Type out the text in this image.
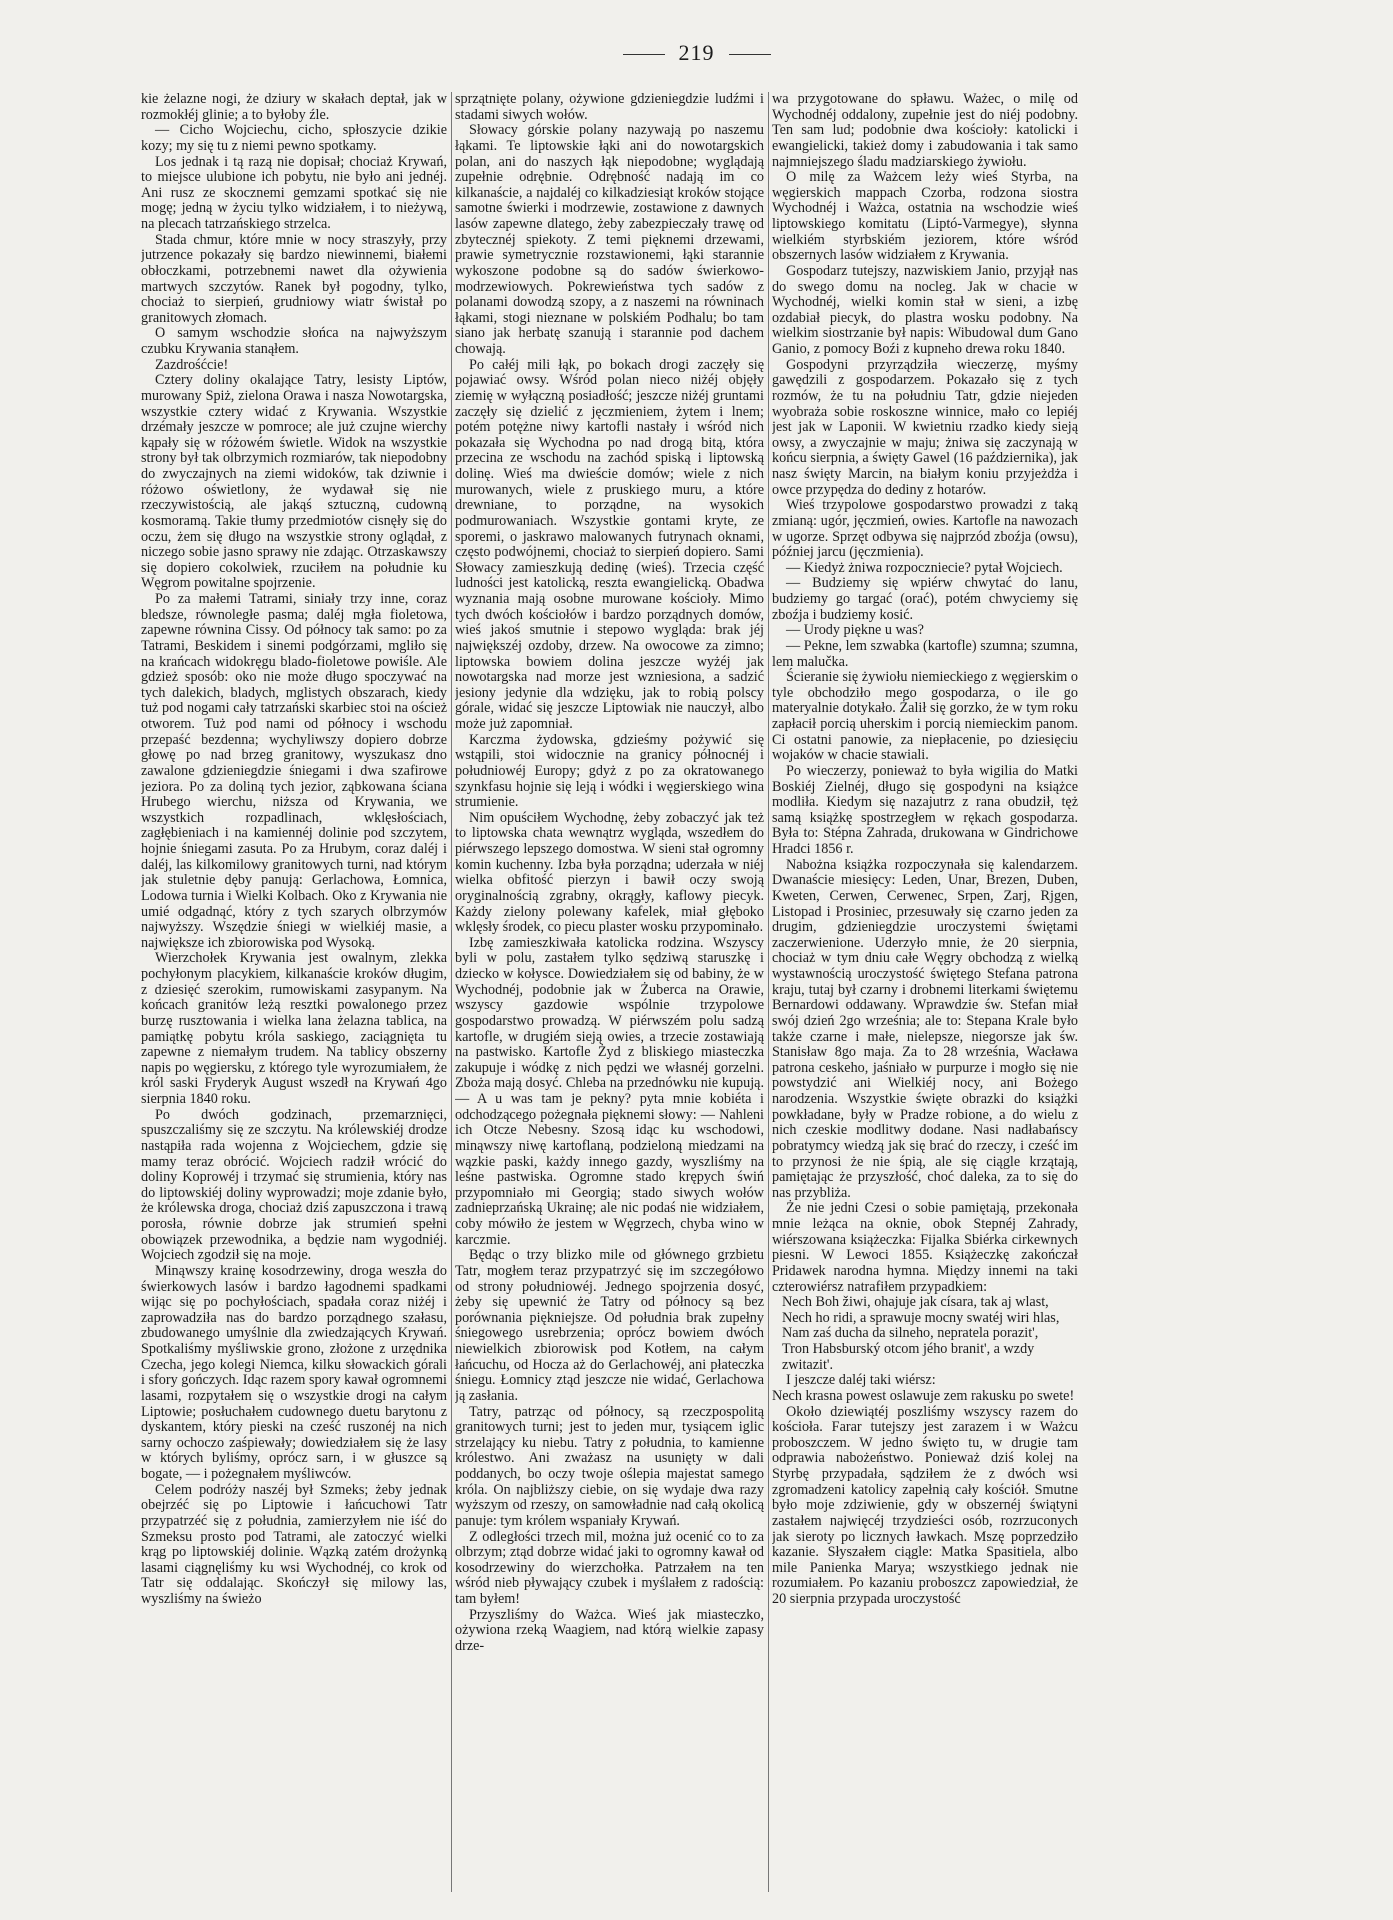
219

kie żelazne nogi, że dziury w skałach deptał, jak w rozmokłéj glinie; a to byłoby źle.

— Cicho Wojciechu, cicho, spłoszycie dzikie kozy; my się tu z niemi pewno spotkamy.

Los jednak i tą razą nie dopisał; chociaż Krywań, to miejsce ulubione ich pobytu, nie było ani jednéj. Ani rusz ze skocznemi gemzami spotkać się nie mogę; jedną w życiu tylko widziałem, i to nieżywą, na plecach tatrzańskiego strzelca.

Stada chmur, które mnie w nocy straszyły, przy jutrzence pokazały się bardzo niewinnemi, białemi obłoczkami, potrzebnemi nawet dla ożywienia martwych szczytów. Ranek był pogodny, tylko, chociaż to sierpień, grudniowy wiatr świstał po granitowych złomach.

O samym wschodzie słońca na najwyższym czubku Krywania stanąłem.

Zazdrośćcie!

Cztery doliny okalające Tatry, lesisty Liptów, murowany Spiż, zielona Orawa i nasza Nowotargska, wszystkie cztery widać z Krywania. Wszystkie drzémały jeszcze w pomroce; ale już czujne wierchy kąpały się w różowém świetle. Widok na wszystkie strony był tak olbrzymich rozmiarów, tak niepodobny do zwyczajnych na ziemi widoków, tak dziwnie i różowo oświetlony, że wydawał się nie rzeczywistością, ale jakąś sztuczną, cudowną kosmoramą. Takie tłumy przedmiotów cisnęły się do oczu, żem się długo na wszystkie strony oglądał, z niczego sobie jasno sprawy nie zdając. Otrzaskawszy się dopiero cokolwiek, rzuciłem na południe ku Węgrom powitalne spojrzenie.

Po za małemi Tatrami, siniały trzy inne, coraz bledsze, równoległe pasma; daléj mgła fioletowa, zapewne równina Cissy. Od północy tak samo: po za Tatrami, Beskidem i sinemi podgórzami, mgliło się na krańcach widokręgu blado-fioletowe powiśle. Ale gdzież sposób: oko nie może długo spoczywać na tych dalekich, bladych, mglistych obszarach, kiedy tuż pod nogami cały tatrzański skarbiec stoi na oścież otworem. Tuż pod nami od północy i wschodu przepaść bezdenna; wychyliwszy dopiero dobrze głowę po nad brzeg granitowy, wyszukasz dno zawalone gdzieniegdzie śniegami i dwa szafirowe jeziora. Po za doliną tych jezior, ząbkowana ściana Hrubego wierchu, niższa od Krywania, we wszystkich rozpadlinach, wklęsłościach, zagłębieniach i na kamiennéj dolinie pod szczytem, hojnie śniegami zasuta. Po za Hrubym, coraz daléj i daléj, las kilkomilowy granitowych turni, nad którym jak stuletnie dęby panują: Gerlachowa, Łomnica, Lodowa turnia i Wielki Kolbach. Oko z Krywania nie umié odgadnąć, który z tych szarych olbrzymów najwyższy. Wszędzie śniegi w wielkiéj masie, a największe ich zbiorowiska pod Wysoką.

Wierzchołek Krywania jest owalnym, zlekka pochyłonym placykiem, kilkanaście kroków długim, z dziesięć szerokim, rumowiskami zasypanym. Na końcach granitów leżą resztki powalonego przez burzę rusztowania i wielka lana żelazna tablica, na pamiątkę pobytu króla saskiego, zaciągnięta tu zapewne z niemałym trudem. Na tablicy obszerny napis po węgiersku, z którego tyle wyrozumiałem, że król saski Fryderyk August wszedł na Krywań 4go sierpnia 1840 roku.

Po dwóch godzinach, przemarznięci, spuszczaliśmy się ze szczytu. Na królewskiéj drodze nastąpiła rada wojenna z Wojciechem, gdzie się mamy teraz obrócić. Wojciech radził wrócić do doliny Koprowéj i trzymać się strumienia, który nas do liptowskiéj doliny wyprowadzi; moje zdanie było, że królewska droga, chociaż dziś zapuszczona i trawą porosła, równie dobrze jak strumień spełni obowiązek przewodnika, a będzie nam wygodniéj. Wojciech zgodził się na moje.

Minąwszy krainę kosodrzewiny, droga weszła do świerkowych lasów i bardzo łagodnemi spadkami wijąc się po pochyłościach, spadała coraz niżéj i zaprowadziła nas do bardzo porządnego szałasu, zbudowanego umyślnie dla zwiedzających Krywań. Spotkaliśmy myśliwskie grono, złożone z urzędnika Czecha, jego kolegi Niemca, kilku słowackich górali i sfory gończych. Idąc razem spory kawał ogromnemi lasami, rozpytałem się o wszystkie drogi na całym Liptowie; posłuchałem cudownego duetu barytonu z dyskantem, który pieski na cześć ruszonéj na nich sarny ochoczo zaśpiewały; dowiedziałem się że lasy w których byliśmy, oprócz sarn, i w głuszce są bogate, — i pożegnałem myśliwców.

Celem podróży naszéj był Szmeks; żeby jednak obejrzéć się po Liptowie i łańcuchowi Tatr przypatrzéć się z południa, zamierzyłem nie iść do Szmeksu prosto pod Tatrami, ale zatoczyć wielki krąg po liptowskiéj dolinie. Wązką zatém drożynką lasami ciągnęliśmy ku wsi Wychodnéj, co krok od Tatr się oddalając. Skończył się milowy las, wyszliśmy na świeżo

sprzątnięte polany, ożywione gdzieniegdzie ludźmi i stadami siwych wołów.

Słowacy górskie polany nazywają po naszemu łąkami. Te liptowskie łąki ani do nowotargskich polan, ani do naszych łąk niepodobne; wyglądają zupełnie odrębnie. Odrębność nadają im co kilkanaście, a najdaléj co kilkadziesiąt kroków stojące samotne świerki i modrzewie, zostawione z dawnych lasów zapewne dlatego, żeby zabezpieczały trawę od zbytecznéj spiekoty. Z temi pięknemi drzewami, prawie symetrycznie rozstawionemi, łąki starannie wykoszone podobne są do sadów świerkowo-modrzewiowych. Pokrewieństwa tych sadów z polanami dowodzą szopy, a z naszemi na równinach łąkami, stogi nieznane w polskiém Podhalu; bo tam siano jak herbatę szanują i starannie pod dachem chowają.

Po całéj mili łąk, po bokach drogi zaczęły się pojawiać owsy. Wśród polan nieco niżéj objęły ziemię w wyłączną posiadłość; jeszcze niżéj gruntami zaczęły się dzielić z jęczmieniem, żytem i lnem; potém potężne niwy kartofli nastały i wśród nich pokazała się Wychodna po nad drogą bitą, która przecina ze wschodu na zachód spiską i liptowską dolinę. Wieś ma dwieście domów; wiele z nich murowanych, wiele z pruskiego muru, a które drewniane, to porządne, na wysokich podmurowaniach. Wszystkie gontami kryte, ze sporemi, o jaskrawo malowanych futrynach oknami, często podwójnemi, chociaż to sierpień dopiero. Sami Słowacy zamieszkują dedinę (wieś). Trzecia część ludności jest katolicką, reszta ewangielicką. Obadwa wyznania mają osobne murowane kościoły. Mimo tych dwóch kościołów i bardzo porządnych domów, wieś jakoś smutnie i stepowo wygląda: brak jéj największéj ozdoby, drzew. Na owocowe za zimno; liptowska bowiem dolina jeszcze wyżéj jak nowotargska nad morze jest wzniesiona, a sadzić jesiony jedynie dla wdzięku, jak to robią polscy górale, widać się jeszcze Liptowiak nie nauczył, albo może już zapomniał.

Karczma żydowska, gdzieśmy pożywić się wstąpili, stoi widocznie na granicy północnéj i południowéj Europy; gdyż z po za okratowanego szynkfasu hojnie się leją i wódki i węgierskiego wina strumienie.

Nim opuściłem Wychodnę, żeby zobaczyć jak też to liptowska chata wewnątrz wygląda, wszedłem do piérwszego lepszego domostwa. W sieni stał ogromny komin kuchenny. Izba była porządna; uderzała w niéj wielka obfitość pierzyn i bawił oczy swoją oryginalnością zgrabny, okrągły, kaflowy piecyk. Każdy zielony polewany kafelek, miał głęboko wklęsły środek, co piecu plaster wosku przypominało.

Izbę zamieszkiwała katolicka rodzina. Wszyscy byli w polu, zastałem tylko sędziwą staruszkę i dziecko w kołysce. Dowiedziałem się od babiny, że w Wychodnéj, podobnie jak w Żuberca na Orawie, wszyscy gazdowie wspólnie trzypolowe gospodarstwo prowadzą. W piérwszém polu sadzą kartofle, w drugiém sieją owies, a trzecie zostawiają na pastwisko. Kartofle Żyd z bliskiego miasteczka zakupuje i wódkę z nich pędzi we własnéj gorzelni. Zboża mają dosyć. Chleba na przednówku nie kupują. — A u was tam je pekny? pyta mnie kobiéta i odchodzącego pożegnała pięknemi słowy: — Nahleni ich Otcze Nebesny. Szosą idąc ku wschodowi, minąwszy niwę kartoflaną, podzieloną miedzami na wązkie paski, każdy innego gazdy, wyszliśmy na leśne pastwiska. Ogromne stado krępych świń przypomniało mi Georgią; stado siwych wołów zadnieprzańską Ukrainę; ale nic podaś nie widziałem, coby mówiło że jestem w Węgrzech, chyba wino w karczmie.

Będąc o trzy blizko mile od głównego grzbietu Tatr, mogłem teraz przypatrzyć się im szczegółowo od strony południowéj. Jednego spojrzenia dosyć, żeby się upewnić że Tatry od północy są bez porównania piękniejsze. Od południa brak zupełny śniegowego usrebrzenia; oprócz bowiem dwóch niewielkich zbiorowisk pod Kotłem, na całym łańcuchu, od Hocza aż do Gerlachowéj, ani płateczka śniegu. Łomnicy ztąd jeszcze nie widać, Gerlachowa ją zasłania.

Tatry, patrząc od północy, są rzeczpospolitą granitowych turni; jest to jeden mur, tysiącem iglic strzelający ku niebu. Tatry z południa, to kamienne królestwo. Ani zważasz na usunięty w dali poddanych, bo oczy twoje oślepia majestat samego króla. On najbliższy ciebie, on się wydaje dwa razy wyższym od rzeszy, on samowładnie nad całą okolicą panuje: tym królem wspaniały Krywań.

Z odległości trzech mil, można już ocenić co to za olbrzym; ztąd dobrze widać jaki to ogromny kawał od kosodrzewiny do wierzchołka. Patrzałem na ten wśród nieb pływający czubek i myślałem z radością: tam byłem!

Przyszliśmy do Ważca. Wieś jak miasteczko, ożywiona rzeką Waagiem, nad którą wielkie zapasy drze-

wa przygotowane do spławu. Ważec, o milę od Wychodnéj oddalony, zupełnie jest do niéj podobny. Ten sam lud; podobnie dwa kościoły: katolicki i ewangielicki, takież domy i zabudowania i tak samo najmniejszego śladu madziarskiego żywiołu.

O milę za Ważcem leży wieś Styrba, na węgierskich mappach Czorba, rodzona siostra Wychodnéj i Ważca, ostatnia na wschodzie wieś liptowskiego komitatu (Liptó-Varmegye), słynna wielkiém styrbskiém jeziorem, które wśród obszernych lasów widziałem z Krywania.

Gospodarz tutejszy, nazwiskiem Janio, przyjął nas do swego domu na nocleg. Jak w chacie w Wychodnéj, wielki komin stał w sieni, a izbę ozdabiał piecyk, do plastra wosku podobny. Na wielkim siostrzanie był napis: Wibudowal dum Gano Ganio, z pomocy Boźi z kupneho drewa roku 1840.

Gospodyni przyrządziła wieczerzę, myśmy gawędzili z gospodarzem. Pokazało się z tych rozmów, że tu na południu Tatr, gdzie niejeden wyobraża sobie roskoszne winnice, mało co lepiéj jest jak w Laponii. W kwietniu rzadko kiedy sieją owsy, a zwyczajnie w maju; żniwa się zaczynają w końcu sierpnia, a święty Gawel (16 października), jak nasz święty Marcin, na białym koniu przyjeżdża i owce przypędza do dediny z hotarów.

Wieś trzypolowe gospodarstwo prowadzi z taką zmianą: ugór, jęczmień, owies. Kartofle na nawozach w ugorze. Sprzęt odbywa się najprzód zboźja (owsu), później jarcu (jęczmienia).

— Kiedyż żniwa rozpoczniecie? pytał Wojciech.

— Budziemy się wpiérw chwytać do lanu, budziemy go targać (orać), potém chwyciemy się zboźja i budziemy kosić.

— Urody piękne u was?

— Pekne, lem szwabka (kartofle) szumna; szumna, lem malučka.

Ścieranie się żywiołu niemieckiego z węgierskim o tyle obchodziło mego gospodarza, o ile go materyalnie dotykało. Żalił się gorzko, że w tym roku zapłacił porcią uherskim i porcią niemieckim panom. Ci ostatni panowie, za niepłacenie, po dziesięciu wojaków w chacie stawiali.

Po wieczerzy, ponieważ to była wigilia do Matki Boskiéj Zielnéj, długo się gospodyni na książce modliła. Kiedym się nazajutrz z rana obudził, tęż samą książkę spostrzegłem w rękach gospodarza. Była to: Stépna Zahrada, drukowana w Gindrichowe Hradci 1856 r.

Nabożna książka rozpoczynała się kalendarzem. Dwanaście miesięcy: Leden, Unar, Brezen, Duben, Kweten, Cerwen, Cerwenec, Srpen, Zarj, Rjgen, Listopad i Prosiniec, przesuwały się czarno jeden za drugim, gdzieniegdzie uroczystemi świętami zaczerwienione. Uderzyło mnie, że 20 sierpnia, chociaż w tym dniu całe Węgry obchodzą z wielką wystawnością uroczystość świętego Stefana patrona kraju, tutaj był czarny i drobnemi literkami świętemu Bernardowi oddawany. Wprawdzie św. Stefan miał swój dzień 2go września; ale to: Stepana Krale było także czarne i małe, nielepsze, niegorsze jak św. Stanisław 8go maja. Za to 28 września, Wacława patrona ceskeho, jaśniało w purpurze i mogło się nie powstydzić ani Wielkiéj nocy, ani Bożego narodzenia. Wszystkie święte obrazki do książki powkładane, były w Pradze robione, a do wielu z nich czeskie modlitwy dodane. Nasi nadłabańscy pobratymcy wiedzą jak się brać do rzeczy, i cześć im to przynosi że nie śpią, ale się ciągle krzątają, pamiętając że przyszłość, choć daleka, za to się do nas przybliża.

Że nie jedni Czesi o sobie pamiętają, przekonała mnie leżąca na oknie, obok Stepnéj Zahrady, wiérszowana książeczka: Fijalka Sbiérka cirkewnych piesni. W Lewoci 1855. Książeczkę zakończał Pridawek narodna hymna. Między innemi na taki czterowiérsz natrafiłem przypadkiem:

Nech Boh žiwi, ohajuje jak císara, tak aj wlast,

Nech ho ridi, a sprawuje mocny swatéj wiri hlas,

Nam zaś ducha da silneho, nepratela porazit',

Tron Habsburský otcom jého branit', a wzdy zwitazit'.

I jeszcze daléj taki wiérsz:

Nech krasna powest oslawuje zem rakusku po swete!

Około dziewiątéj poszliśmy wszyscy razem do kościoła. Farar tutejszy jest zarazem i w Ważcu proboszczem. W jedno święto tu, w drugie tam odprawia nabożeństwo. Ponieważ dziś kolej na Styrbę przypadała, sądziłem że z dwóch wsi zgromadzeni katolicy zapełnią cały kościół. Smutne było moje zdziwienie, gdy w obszernéj świątyni zastałem najwięcéj trzydzieści osób, rozrzuconych jak sieroty po licznych ławkach. Mszę poprzedziło kazanie. Słyszałem ciągle: Matka Spasitiela, albo mile Panienka Marya; wszystkiego jednak nie rozumiałem. Po kazaniu proboszcz zapowiedział, że 20 sierpnia przypada uroczystość
